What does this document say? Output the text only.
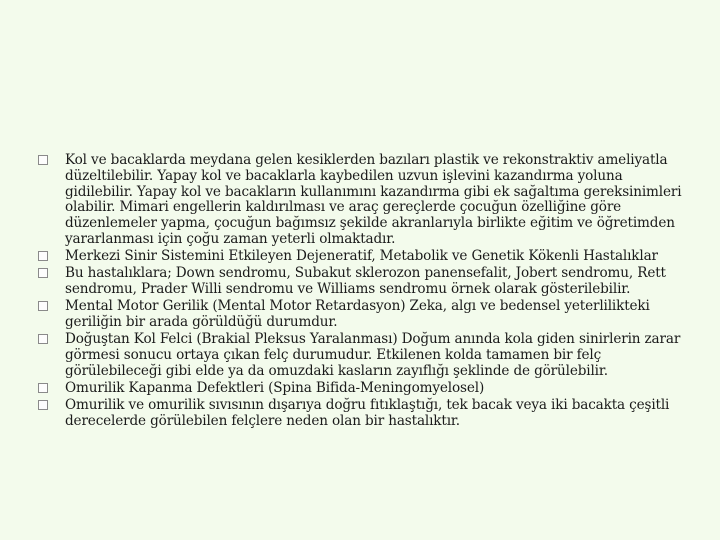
Kol ve bacaklarda meydana gelen kesiklerden bazıları plastik ve rekonstraktiv ameliyatla düzeltilebilir. Yapay kol ve bacaklarla kaybedilen uzvun işlevini kazandırma yoluna gidilebilir. Yapay kol ve bacakların kullanımını kazandırma gibi ek sağaltıma gereksinimleri olabilir. Mimari engellerin kaldırılması ve araç gereçlerde çocuğun özelliğine göre düzenlemeler yapma, çocuğun bağımsız şekilde akranlarıyla birlikte eğitim ve öğretimden yararlanması için çoğu zaman yeterli olmaktadır.
Merkezi Sinir Sistemini Etkileyen Dejeneratif, Metabolik ve Genetik Kökenli Hastalıklar
Bu hastalıklara; Down sendromu, Subakut sklerozon panensefalit, Jobert sendromu, Rett sendromu, Prader Willi sendromu ve Williams sendromu örnek olarak gösterilebilir.
Mental Motor Gerilik (Mental Motor Retardasyon) Zeka, algı ve bedensel yeterlilikteki geriliğin bir arada görüldüğü durumdur.
Doğuştan Kol Felci (Brakial Pleksus Yaralanması) Doğum anında kola giden sinirlerin zarar görmesi sonucu ortaya çıkan felç durumudur. Etkilenen kolda tamamen bir felç görülebileceği gibi elde ya da omuzdaki kasların zayıflığı şeklinde de görülebilir.
Omurilik Kapanma Defektleri (Spina Bifida-Meningomyelosel)
Omurilik ve omurilik sıvısının dışarıya doğru fıtıklaştığı, tek bacak veya iki bacakta çeşitli derecelerde görülebilen felçlere neden olan bir hastalıktır.
